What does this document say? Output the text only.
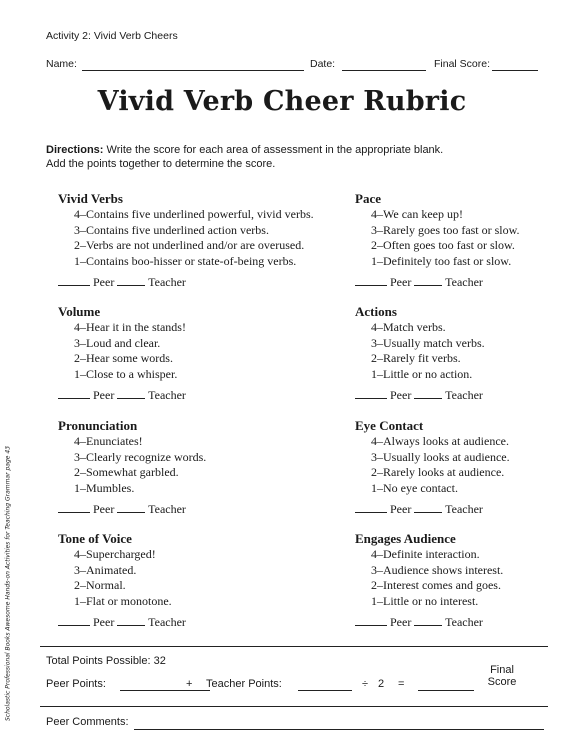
Activity 2: Vivid Verb Cheers
Name:	Date:	Final Score:
Vivid Verb Cheer Rubric
Directions: Write the score for each area of assessment in the appropriate blank.
Add the points together to determine the score.
Vivid Verbs
4–Contains five underlined powerful, vivid verbs.
3–Contains five underlined action verbs.
2–Verbs are not underlined and/or are overused.
1–Contains boo-hisser or state-of-being verbs.
Peer	Teacher
Pace
4–We can keep up!
3–Rarely goes too fast or slow.
2–Often goes too fast or slow.
1–Definitely too fast or slow.
Peer	Teacher
Volume
4–Hear it in the stands!
3–Loud and clear.
2–Hear some words.
1–Close to a whisper.
Peer	Teacher
Actions
4–Match verbs.
3–Usually match verbs.
2–Rarely fit verbs.
1–Little or no action.
Peer	Teacher
Pronunciation
4–Enunciates!
3–Clearly recognize words.
2–Somewhat garbled.
1–Mumbles.
Peer	Teacher
Eye Contact
4–Always looks at audience.
3–Usually looks at audience.
2–Rarely looks at audience.
1–No eye contact.
Peer	Teacher
Tone of Voice
4–Supercharged!
3–Animated.
2–Normal.
1–Flat or monotone.
Peer	Teacher
Engages Audience
4–Definite interaction.
3–Audience shows interest.
2–Interest comes and goes.
1–Little or no interest.
Peer	Teacher
Scholastic Professional Books Awesome Hands-on Activities for Teaching Grammar page 43	Total Points Possible: 32
Peer Points:	+ Teacher Points:	÷ 2 =
Final
Score
Peer Comments:
